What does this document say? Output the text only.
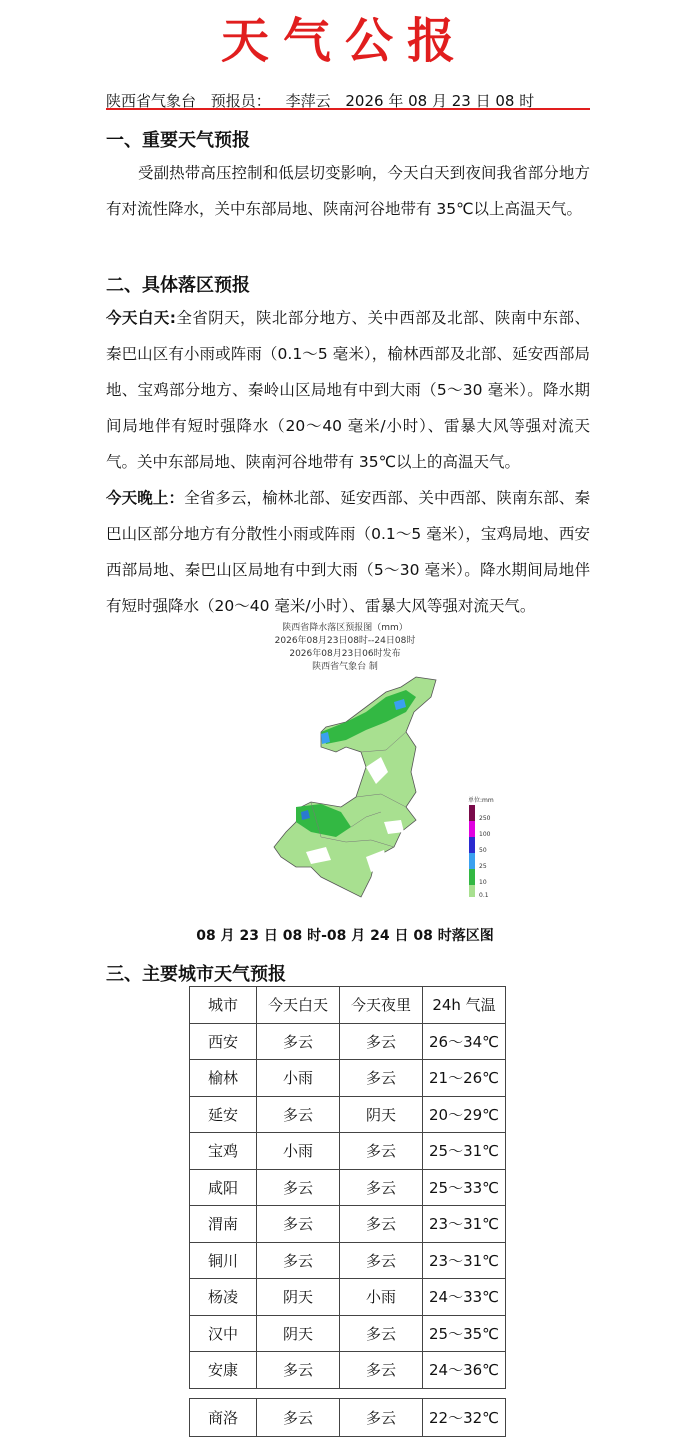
天气公报
陕西省气象台 预报员： 李萍云 2026 年 08 月 23 日 08 时
一、重要天气预报
受副热带高压控制和低层切变影响，今天白天到夜间我省部分地方有对流性降水，关中东部局地、陕南河谷地带有 35℃以上高温天气。
二、具体落区预报
今天白天:全省阴天，陕北部分地方、关中西部及北部、陕南中东部、秦巴山区有小雨或阵雨（0.1～5 毫米），榆林西部及北部、延安西部局地、宝鸡部分地方、秦岭山区局地有中到大雨（5～30 毫米）。降水期间局地伴有短时强降水（20～40 毫米/小时）、雷暴大风等强对流天气。关中东部局地、陕南河谷地带有 35℃以上的高温天气。
今天晚上：全省多云，榆林北部、延安西部、关中西部、陕南东部、秦巴山区部分地方有分散性小雨或阵雨（0.1～5 毫米），宝鸡局地、西安西部局地、秦巴山区局地有中到大雨（5～30 毫米）。降水期间局地伴有短时强降水（20～40 毫米/小时）、雷暴大风等强对流天气。
陕西省降水落区预报图（mm）
2026年08月23日08时--24日08时
2026年08月23日06时发布
陕西省气象台 制
单位:mm
250
100
50
25
10
0.1
08 月 23 日 08 时-08 月 24 日 08 时落区图
三、主要城市天气预报
城市	今天白天	今天夜里	24h 气温
西安	多云	多云	26～34℃
榆林	小雨	多云	21～26℃
延安	多云	阴天	20～29℃
宝鸡	小雨	多云	25～31℃
咸阳	多云	多云	25～33℃
渭南	多云	多云	23～31℃
铜川	多云	多云	23～31℃
杨凌	阴天	小雨	24～33℃
汉中	阴天	多云	25～35℃
安康	多云	多云	24～36℃
商洛	多云	多云	22～32℃
